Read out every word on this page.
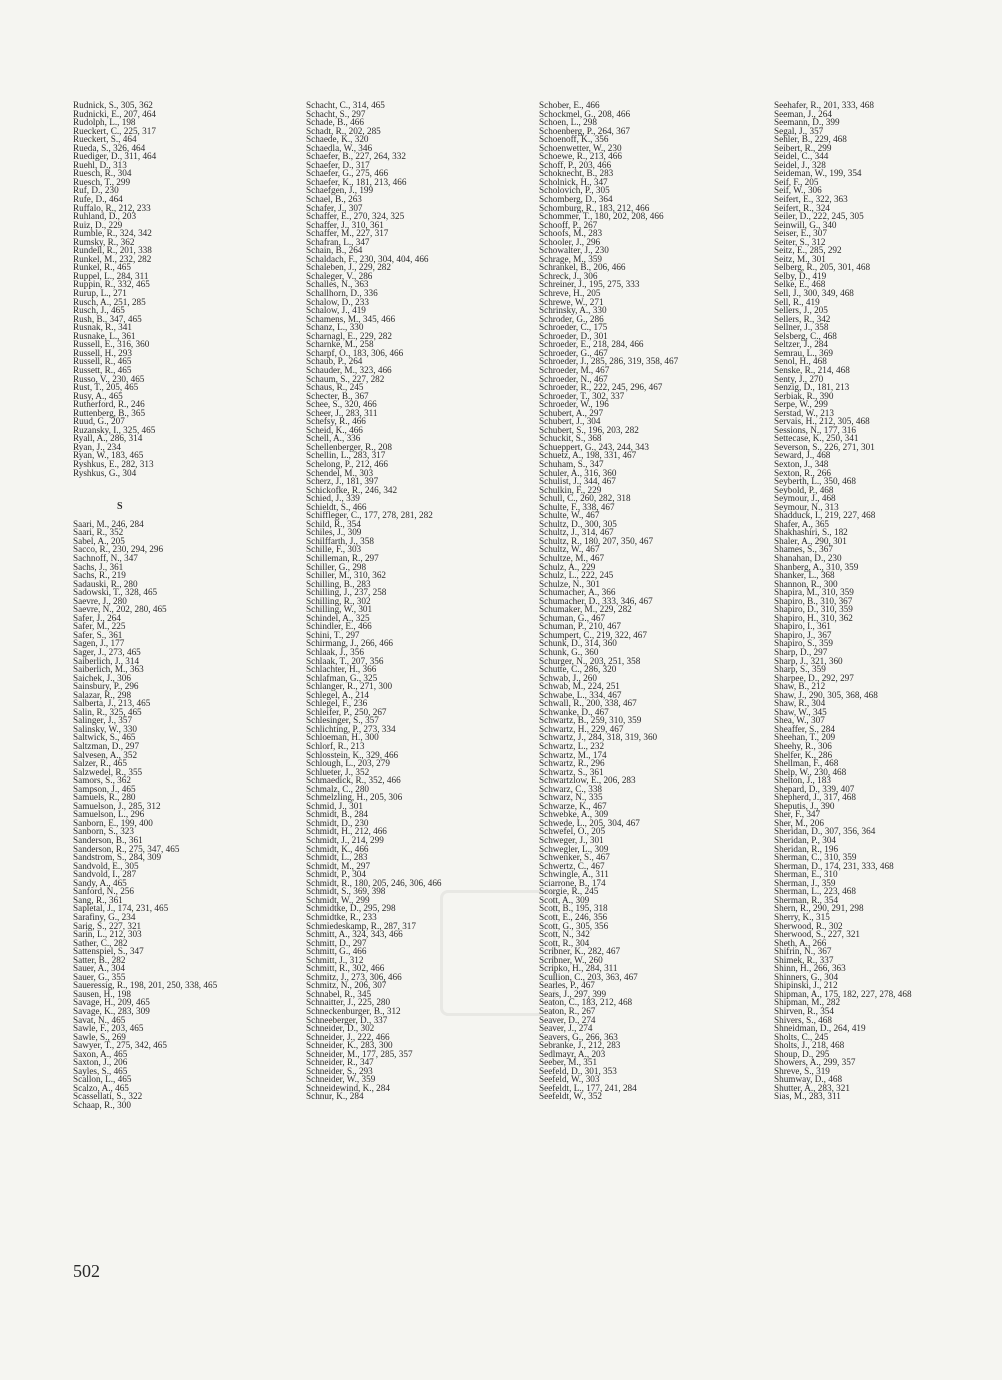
Rudnick, S., 305, 362
Rudnicki, E., 207, 464
Rudolph, L., 198
Rueckert, C., 225, 317
Rueckert, S., 464
Rueda, S., 326, 464
Ruediger, D., 311, 464
Ruehl, D., 313
Ruesch, R., 304
Ruesch, T., 299
Ruf, D., 230
Rufe, D., 464
Ruffalo, R., 212, 233
Ruhland, D., 203
Ruiz, D., 229
Rumble, R., 324, 342
Rumsky, R., 362
Rundell, R., 201, 338
Runkel, M., 232, 282
Runkel, R., 465
Ruppel, L., 284, 311
Ruppin, R., 332, 465
Rurup, L., 271
Rusch, A., 251, 285
Rusch, J., 465
Rush, B., 347, 465
Rusnak, R., 341
Rusnake, L., 361
Russell, E., 316, 360
Russell, H., 293
Russell, R., 465
Russett, R., 465
Russo, V., 230, 465
Rust, T., 205, 465
Rusy, A., 465
Rutherford, R., 246
Ruttenberg, B., 365
Ruud, G., 207
Ruzansky, I., 325, 465
Ryall, A., 286, 314
Ryan, J., 234
Ryan, W., 183, 465
Ryshkus, E., 282, 313
Ryshkus, G., 304
S
Saari, M., 246, 284
Saari, R., 352
Sabel, A., 205
Sacco, R., 230, 294, 296
Sachnoff, N., 347
Sachs, J., 361
Sachs, R., 219
Sadauski, R., 280
Sadowski, T., 328, 465
Saevre, J., 280
Saevre, N., 202, 280, 465
Safer, J., 264
Safer, M., 225
Safer, S., 361
Sagen, J., 177
Sager, J., 273, 465
Saiberlich, J., 314
Saiberlich, M., 363
Saichek, J., 306
Sainsbury, P., 296
Salazar, R., 298
Salberta, J., 213, 465
Salin, R., 325, 465
Salinger, J., 357
Salinsky, W., 330
Saltwick, S., 465
Saltzman, D., 297
Salvesen, A., 352
Salzer, R., 465
Salzwedel, R., 355
Samors, S., 362
Sampson, J., 465
Samuels, R., 280
Samuelson, J., 285, 312
Samuelson, L., 296
Sanborn, E., 199, 400
Sanborn, S., 323
Sanderson, B., 361
Sanderson, R., 275, 347, 465
Sandstrom, S., 284, 309
Sandvold, E., 305
Sandvold, I., 287
Sandy, A., 465
Sanford, N., 256
Sang, R., 361
Sapletal, J., 174, 231, 465
Sarafiny, G., 234
Sarig, S., 227, 321
Sarin, L., 212, 303
Sather, C., 282
Sattenspiel, S., 347
Satter, B., 282
Sauer, A., 304
Sauer, G., 355
Saueressig, R., 198, 201, 250, 338, 465
Sausen, H., 198
Savage, H., 209, 465
Savage, K., 283, 309
Savat, N., 465
Sawle, F., 203, 465
Sawle, S., 269
Sawyer, T., 275, 342, 465
Saxon, A., 465
Saxton, J., 206
Sayles, S., 465
Scallon, L., 465
Scalzo, A., 465
Scassellati, S., 322
Schaap, R., 300
Schacht, C., 314, 465
Schacht, S., 297
Schade, B., 466
Schadt, R., 202, 285
Schaede, K., 320
Schaedla, W., 346
Schaefer, B., 227, 264, 332
Schaefer, D., 317
Schaefer, G., 275, 466
Schaefer, K., 181, 213, 466
Schaefgen, J., 199
Schael, B., 263
Schafer, J., 307
Schaffer, E., 270, 324, 325
Schaffer, J., 310, 361
Schaffer, M., 227, 317
Schafran, L., 347
Schain, B., 264
Schaldach, F., 230, 304, 404, 466
Schaleben, J., 229, 282
Schaleger, V., 286
Schalles, N., 363
Schallhorn, D., 336
Schalow, D., 233
Schalow, J., 419
Schamens, M., 345, 466
Schanz, L., 330
Scharnagl, E., 229, 282
Scharnke, M., 258
Scharpf, O., 183, 306, 466
Schaub, P., 264
Schauder, M., 323, 466
Schaum, S., 227, 282
Schaus, R., 245
Schecter, B., 367
Schee, S., 320, 466
Scheer, J., 283, 311
Schefsy, R., 466
Scheid, K., 466
Schell, A., 336
Schellenberger, R., 208
Schellin, L., 283, 317
Schelong, P., 212, 466
Schendel, M., 303
Scherz, J., 181, 397
Schickofke, R., 246, 342
Schied, J., 339
Schieldt, S., 466
Schiffleger, C., 177, 278, 281, 282
Schild, R., 354
Schiles, J., 309
Schilffarth, J., 358
Schille, F., 303
Schilleman, R., 297
Schiller, G., 298
Schiller, M., 310, 362
Schilling, B., 283
Schilling, J., 237, 258
Schilling, R., 302
Schilling, W., 301
Schindel, A., 325
Schindler, E., 466
Schini, T., 297
Schirmang, J., 266, 466
Schlaak, J., 356
Schlaak, T., 207, 356
Schlachter, H., 366
Schlafman, G., 325
Schlanger, R., 271, 300
Schlegel, A., 214
Schlegel, F., 236
Schleifer, P., 250, 267
Schlesinger, S., 357
Schlichting, P., 273, 334
Schloeman, H., 300
Schlorf, R., 213
Schlosstein, K., 329, 466
Schlough, L., 203, 279
Schlueter, J., 352
Schmaedick, R., 352, 466
Schmalz, C., 280
Schmelzling, H., 205, 306
Schmid, J., 301
Schmidt, B., 284
Schmidt, D., 230
Schmidt, H., 212, 466
Schmidt, J., 214, 299
Schmidt, K., 466
Schmidt, L., 283
Schmidt, M., 297
Schmidt, P., 304
Schmidt, R., 180, 205, 246, 306, 466
Schmidt, S., 369, 398
Schmidt, W., 299
Schmidtke, D., 295, 298
Schmidtke, R., 233
Schmiedeskamp, R., 287, 317
Schmitt, A., 324, 343, 466
Schmitt, D., 297
Schmitt, G., 466
Schmitt, J., 312
Schmitt, R., 302, 466
Schmitz, J., 273, 306, 466
Schmitz, N., 206, 307
Schnabel, R., 345
Schnaitter, J., 225, 280
Schneckenburger, B., 312
Schneeberger, D., 337
Schneider, D., 302
Schneider, J., 222, 466
Schneider, K., 283, 300
Schneider, M., 177, 285, 357
Schneider, R., 347
Schneider, S., 293
Schneider, W., 359
Schneidewind, K., 284
Schnur, K., 284
Schober, E., 466
Schockmel, G., 208, 466
Schoen, L., 298
Schoenberg, P., 264, 367
Schoenoff, K., 356
Schoenwetter, W., 230
Schoewe, R., 213, 466
Schoff, P., 203, 466
Schoknecht, B., 283
Scholnick, H., 347
Scholovich, P., 305
Schomberg, D., 364
Schomburg, R., 183, 212, 466
Schommer, T., 180, 202, 208, 466
Schooff, P., 267
Schoofs, M., 283
Schooler, J., 296
Schowalter, J., 230
Schrage, M., 359
Schrankel, B., 206, 466
Schreck, J., 306
Schreiner, J., 195, 275, 333
Schreve, H., 205
Schrewe, W., 271
Schrinsky, A., 330
Schroder, G., 286
Schroeder, C., 175
Schroeder, D., 301
Schroeder, E., 218, 284, 466
Schroeder, G., 467
Schroeder, J., 285, 286, 319, 358, 467
Schroeder, M., 467
Schroeder, N., 467
Schroeder, R., 222, 245, 296, 467
Schroeder, T., 302, 337
Schroeder, W., 196
Schubert, A., 297
Schubert, J., 304
Schubert, S., 196, 203, 282
Schuckit, S., 368
Schueppert, G., 243, 244, 343
Schuetz, A., 198, 331, 467
Schuham, S., 347
Schuler, A., 316, 360
Schulist, J., 344, 467
Schulkin, F., 229
Schull, C., 260, 282, 318
Schulte, F., 338, 467
Schulte, W., 467
Schultz, D., 300, 305
Schultz, J., 314, 467
Schultz, R., 180, 207, 350, 467
Schultz, W., 467
Schultze, M., 467
Schulz, A., 229
Schulz, L., 222, 245
Schulze, N., 301
Schumacher, A., 366
Schumacher, D., 333, 346, 467
Schumaker, M., 229, 282
Schuman, G., 467
Schuman, P., 210, 467
Schumpert, C., 219, 322, 467
Schunk, D., 314, 360
Schunk, G., 360
Schurger, N., 203, 251, 358
Schutte, C., 286, 320
Schwab, J., 260
Schwab, M., 224, 251
Schwabe, L., 334, 467
Schwall, R., 200, 338, 467
Schwanke, D., 467
Schwartz, B., 259, 310, 359
Schwartz, H., 229, 467
Schwartz, J., 284, 318, 319, 360
Schwartz, L., 232
Schwartz, M., 174
Schwartz, R., 296
Schwartz, S., 361
Schwartzlow, E., 206, 283
Schwarz, C., 338
Schwarz, N., 335
Schwarze, K., 467
Schwebke, A., 309
Schwede, L., 205, 304, 467
Schwefel, O., 205
Schweger, J., 301
Schwegler, L., 309
Schwenker, S., 467
Schwertz, C., 467
Schwingle, A., 311
Sciarrone, B., 174
Scorgie, R., 245
Scott, A., 309
Scott, B., 195, 318
Scott, E., 246, 356
Scott, G., 305, 356
Scott, N., 342
Scott, R., 304
Scribner, K., 282, 467
Scribner, W., 260
Scripko, H., 284, 311
Scullion, C., 203, 363, 467
Searles, P., 467
Sears, J., 297, 399
Seaton, C., 183, 212, 468
Seaton, R., 267
Seaver, D., 274
Seaver, J., 274
Seavers, G., 266, 363
Sebranke, J., 212, 283
Sedlmayr, A., 203
Seeber, M., 351
Seefeld, D., 301, 353
Seefeld, W., 303
Seefeldt, L., 177, 241, 284
Seefeldt, W., 352
Seehafer, R., 201, 333, 468
Seeman, J., 264
Seemann, D., 399
Segal, J., 357
Sehler, B., 229, 468
Seibert, R., 299
Seidel, C., 344
Seidel, J., 328
Seideman, W., 199, 354
Seif, F., 205
Seif, W., 306
Seifert, E., 322, 363
Seifert, R., 324
Seiler, D., 222, 245, 305
Seinwill, G., 340
Seiser, E., 307
Seiter, S., 312
Seitz, E., 285, 292
Seitz, M., 301
Selberg, R., 205, 301, 468
Selby, D., 419
Selke, E., 468
Sell, J., 300, 349, 468
Sell, R., 419
Sellers, J., 205
Sellers, R., 342
Sellner, J., 358
Selsberg, C., 468
Seltzer, J., 284
Semrau, L., 369
Senol, H., 468
Senske, R., 214, 468
Senty, J., 270
Senzig, D., 181, 213
Serbiak, R., 390
Serpe, W., 299
Serstad, W., 213
Servais, H., 212, 305, 468
Sessions, N., 177, 316
Settecase, K., 250, 341
Severson, S., 226, 271, 301
Seward, J., 468
Sexton, J., 348
Sexton, R., 266
Seyberth, L., 350, 468
Seybold, P., 468
Seymour, J., 468
Seymour, N., 313
Shadduck, I., 219, 227, 468
Shafer, A., 365
Shakhashiri, S., 182
Shaler, A., 290, 301
Shames, S., 367
Shanahan, D., 230
Shanberg, A., 310, 359
Shanker, L., 368
Shannon, R., 300
Shapira, M., 310, 359
Shapiro, B., 310, 367
Shapiro, D., 310, 359
Shapiro, H., 310, 362
Shapiro, I., 361
Shapiro, J., 367
Shapiro, S., 359
Sharp, D., 297
Sharp, J., 321, 360
Sharp, S., 359
Sharpee, D., 292, 297
Shaw, B., 212
Shaw, J., 290, 305, 368, 468
Shaw, R., 304
Shaw, W., 345
Shea, W., 307
Sheaffer, S., 284
Sheehan, T., 209
Sheehy, R., 306
Shelfer, K., 286
Shellman, F., 468
Shelp, W., 230, 468
Shelton, J., 183
Shepard, D., 339, 407
Shepherd, J., 317, 468
Sheputis, J., 390
Sher, F., 347
Sher, M., 206
Sheridan, D., 307, 356, 364
Sheridan, P., 304
Sheridan, R., 196
Sherman, C., 310, 359
Sherman, D., 174, 231, 333, 468
Sherman, E., 310
Sherman, J., 359
Sherman, L., 223, 468
Sherman, R., 354
Shern, R., 290, 291, 298
Sherry, K., 315
Sherwood, R., 302
Sherwood, S., 227, 321
Sheth, A., 266
Shifrin, N., 367
Shimek, R., 337
Shinn, H., 266, 363
Shinners, G., 304
Shipinski, J., 212
Shipman, A., 175, 182, 227, 278, 468
Shipman, M., 282
Shirven, R., 354
Shivers, S., 468
Shneidman, D., 264, 419
Sholts, C., 245
Sholts, J., 218, 468
Shoup, D., 295
Showers, A., 299, 357
Shreve, S., 319
Shumway, D., 468
Shutter, A., 283, 321
Sias, M., 283, 311
502
